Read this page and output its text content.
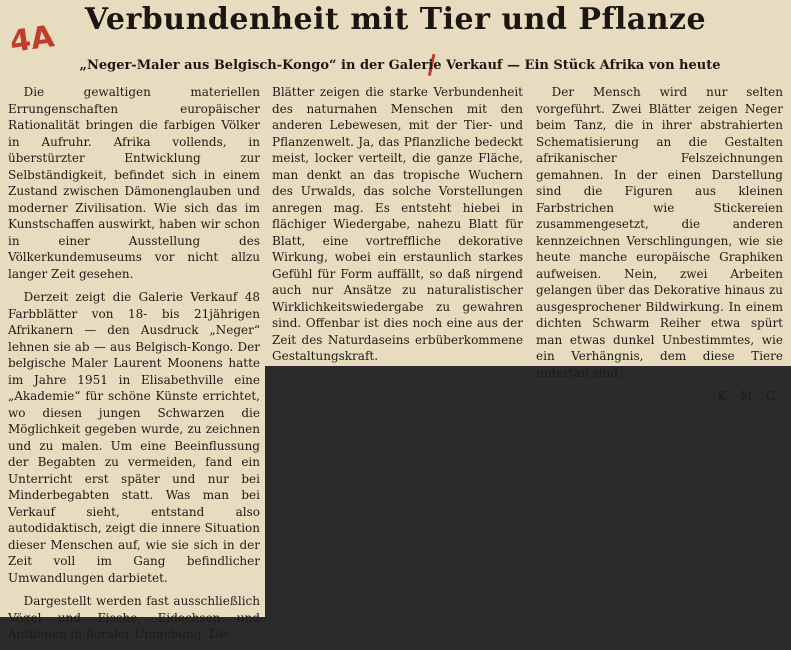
4A Verbundenheit mit Tier und Pflanze
„Neger-Maler aus Belgisch-Kongo“ in der Galerie Verkauf — Ein Stück Afrika von heute

Die gewaltigen materiellen Errungenschaften europäischer Rationalität bringen die farbigen Völker in Aufruhr. Afrika vollends, in überstürzter Entwicklung zur Selbständigkeit, befindet sich in einem Zustand zwischen Dämonenglauben und moderner Zivilisation. Wie sich das im Kunstschaffen auswirkt, haben wir schon in einer Ausstellung des Völkerkundemuseums vor nicht allzu langer Zeit gesehen.

Derzeit zeigt die Galerie Verkauf 48 Farbblätter von 18- bis 21jährigen Afrikanern — den Ausdruck „Neger“ lehnen sie ab — aus Belgisch-Kongo. Der belgische Maler Laurent Moonens hatte im Jahre 1951 in Elisabethville eine „Akademie“ für schöne Künste errichtet, wo diesen jungen Schwarzen die Möglichkeit gegeben wurde, zu zeichnen und zu malen. Um eine Beeinflussung der Begabten zu vermeiden, fand ein Unterricht erst später und nur bei Minderbegabten statt. Was man bei Verkauf sieht, entstand also autodidaktisch, zeigt die innere Situation dieser Menschen auf, wie sie sich in der Zeit voll im Gang befindlicher Umwandlungen darbietet.

Dargestellt werden fast ausschließlich Vögel und Fische, Eidechsen und Antilopen in floraler Umgebung. Die

Blätter zeigen die starke Verbundenheit des naturnahen Menschen mit den anderen Lebewesen, mit der Tier- und Pflanzenwelt. Ja, das Pflanzliche bedeckt meist, locker verteilt, die ganze Fläche, man denkt an das tropische Wuchern des Urwalds, das solche Vorstellungen anregen mag. Es entsteht hiebei in flächiger Wiedergabe, nahezu Blatt für Blatt, eine vortreffliche dekorative Wirkung, wobei ein erstaunlich starkes Gefühl für Form auffällt, so daß nirgend auch nur Ansätze zu naturalistischer Wirklichkeitswiedergabe zu gewahren sind. Offenbar ist dies noch eine aus der Zeit des Naturdaseins erbüberkommene Gestaltungskraft.

Der Mensch wird nur selten vorgeführt. Zwei Blätter zeigen Neger beim Tanz, die in ihrer abstrahierten Schematisierung an die Gestalten afrikanischer Felszeichnungen gemahnen. In der einen Darstellung sind die Figuren aus kleinen Farbstrichen wie Stickereien zusammengesetzt, die anderen kennzeichnen Verschlingungen, wie sie heute manche europäische Graphiken aufweisen. Nein, zwei Arbeiten gelangen über das Dekorative hinaus zu ausgesprochener Bildwirkung. In einem dichten Schwarm Reiher etwa spürt man etwas dunkel Unbestimmtes, wie ein Verhängnis, dem diese Tiere untertan sind.

K. M. G.
